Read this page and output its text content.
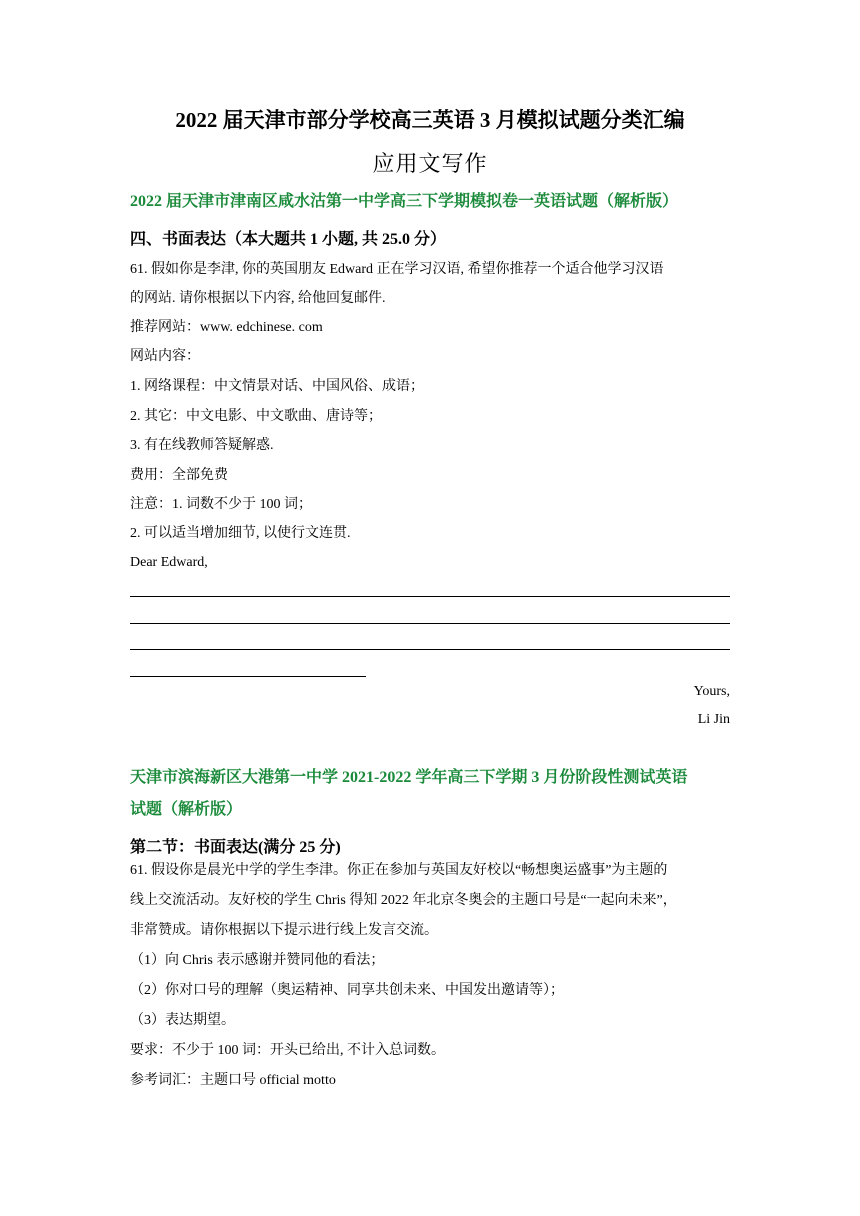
2022 届天津市部分学校高三英语 3 月模拟试题分类汇编
应用文写作
2022 届天津市津南区咸水沽第一中学高三下学期模拟卷一英语试题（解析版）
四、书面表达（本大题共 1 小题, 共 25.0 分）
61. 假如你是李津, 你的英国朋友 Edward 正在学习汉语, 希望你推荐一个适合他学习汉语
的网站. 请你根据以下内容, 给他回复邮件.
推荐网站：www. edchinese. com
网站内容：
1. 网络课程：中文情景对话、中国风俗、成语；
2. 其它：中文电影、中文歌曲、唐诗等；
3. 有在线教师答疑解惑.
费用：全部免费
注意：1. 词数不少于 100 词；
2. 可以适当增加细节, 以使行文连贯.
Dear Edward,
Yours,
Li Jin
天津市滨海新区大港第一中学 2021-2022 学年高三下学期 3 月份阶段性测试英语
试题（解析版）
第二节：书面表达(满分 25 分)
61. 假设你是晨光中学的学生李津。你正在参加与英国友好校以“畅想奥运盛事”为主题的
线上交流活动。友好校的学生 Chris 得知 2022 年北京冬奥会的主题口号是“一起向未来”，
非常赞成。请你根据以下提示进行线上发言交流。
（1）向 Chris 表示感谢并赞同他的看法；
（2）你对口号的理解（奥运精神、同享共创未来、中国发出邀请等）；
（3）表达期望。
要求：不少于 100 词：开头已给出, 不计入总词数。
参考词汇：主题口号 official motto
